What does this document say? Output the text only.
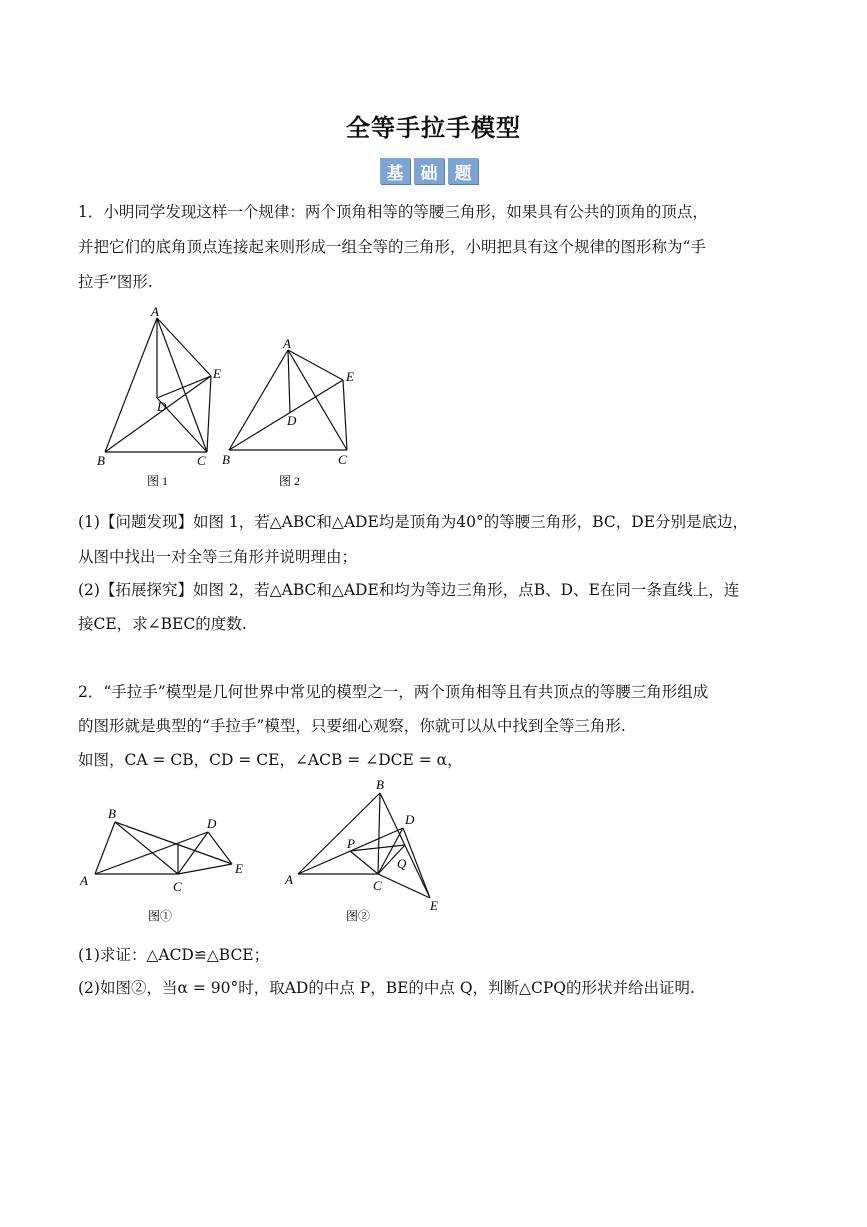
全等手拉手模型
基	础	题
1．小明同学发现这样一个规律：两个顶角相等的等腰三角形，如果具有公共的顶角的顶点，
并把它们的底角顶点连接起来则形成一组全等的三角形，小明把具有这个规律的图形称为“手
拉手”图形.
A
B	C
D
E
图 1
A
B	C
D
E
图 2
(1)【问题发现】如图 1，若△ABC和△ADE均是顶角为40°的等腰三角形，BC，DE分别是底边，
从图中找出一对全等三角形并说明理由；
(2)【拓展探究】如图 2，若△ABC和△ADE和均为等边三角形，点B、D、E在同一条直线上，连
接CE，求∠BEC的度数.
2．“手拉手”模型是几何世界中常见的模型之一，两个顶角相等且有共顶点的等腰三角形组成
的图形就是典型的“手拉手”模型，只要细心观察，你就可以从中找到全等三角形.
如图，CA = CB，CD = CE，∠ACB = ∠DCE = α，
B
A	C
D
E
图①
B
A	C
D
E
P
Q
图②
(1)求证：△ACD≌△BCE；
(2)如图②，当α = 90°时，取AD的中点 P，BE的中点 Q，判断△CPQ的形状并给出证明.
